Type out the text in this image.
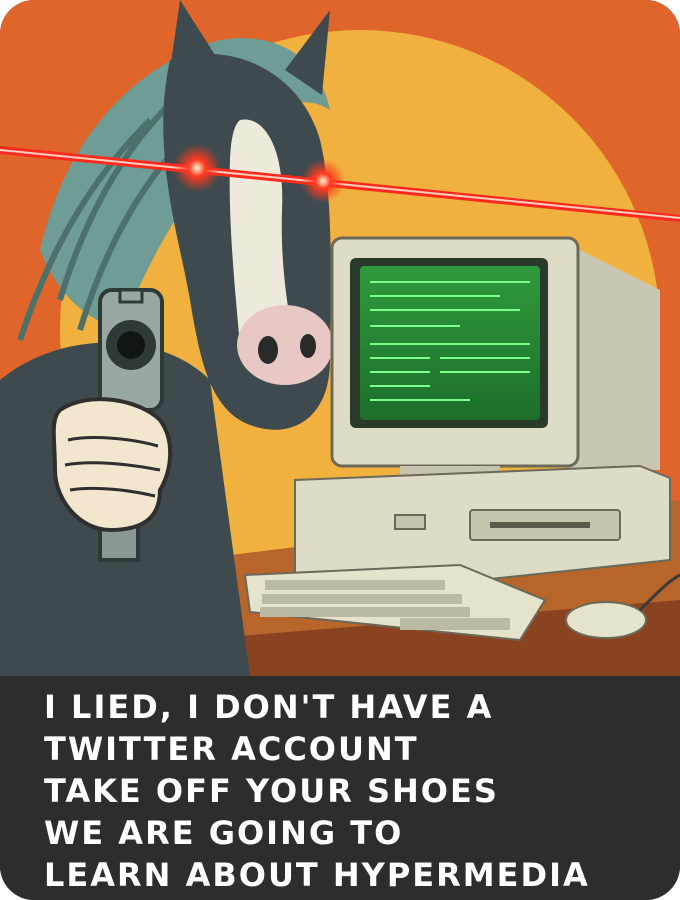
I LIED, I DON'T HAVE A
TWITTER ACCOUNT
TAKE OFF YOUR SHOES
WE ARE GOING TO
LEARN ABOUT HYPERMEDIA
